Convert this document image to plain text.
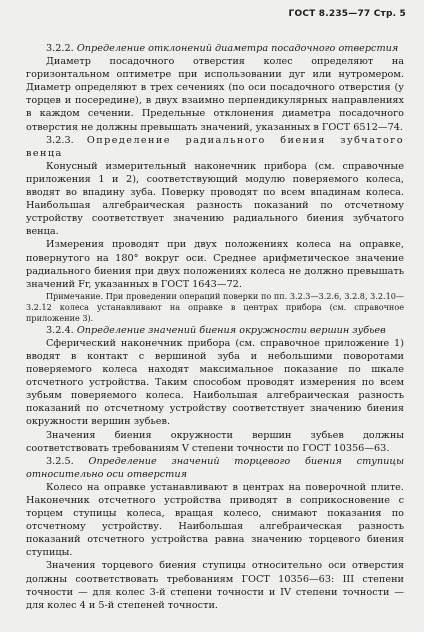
ГОСТ 8.235—77 Стр. 5

3.2.2. Определение отклонений диаметра посадочного отверстия

Диаметр посадочного отверстия колес определяют на горизонтальном оптиметре при использовании дуг или нутромером. Диаметр определяют в трех сечениях (по оси посадочного отверстия (у торцев и посередине), в двух взаимно перпендикулярных направлениях в каждом сечении. Предельные отклонения диаметра посадочного отверстия не должны превышать значений, указанных в ГОСТ 6512—74.

3.2.3. Определение радиального биения зубчатого венца

Конусный измерительный наконечник прибора (см. справочные приложения 1 и 2), соответствующий модулю поверяемого колеса, вводят во впадину зуба. Поверку проводят по всем впадинам колеса. Наибольшая алгебраическая разность показаний по отсчетному устройству соответствует значению радиального биения зубчатого венца.

Измерения проводят при двух положениях колеса на оправке, повернутого на 180° вокруг оси. Среднее арифметическое значение радиального биения при двух положениях колеса не должно превышать значений Fr, указанных в ГОСТ 1643—72.

Примечание. При проведении операций поверки по пп. 3.2.3—3.2.6, 3.2.8, 3.2.10—3.2.12 колеса устанавливают на оправке в центрах прибора (см. справочное приложение 3).

3.2.4. Определение значений биения окружности вершин зубьев

Сферический наконечник прибора (см. справочное приложение 1) вводят в контакт с вершиной зуба и небольшими поворотами поверяемого колеса находят максимальное показание по шкале отсчетного устройства. Таким способом проводят измерения по всем зубьям поверяемого колеса. Наибольшая алгебраическая разность показаний по отсчетному устройству соответствует значению биения окружности вершин зубьев.

Значения биения окружности вершин зубьев должны соответствовать требованиям V степени точности по ГОСТ 10356—63.

3.2.5. Определение значений торцевого биения ступицы относительно оси отверстия

Колесо на оправке устанавливают в центрах на поверочной плите. Наконечник отсчетного устройства приводят в соприкосновение с торцем ступицы колеса, вращая колесо, снимают показания по отсчетному устройству. Наибольшая алгебраическая разность показаний отсчетного устройства равна значению торцевого биения ступицы.

Значения торцевого биения ступицы относительно оси отверстия должны соответствовать требованиям ГОСТ 10356—63: III степени точности — для колес 3-й степени точности и IV степени точности — для колес 4 и 5-й степеней точности.
